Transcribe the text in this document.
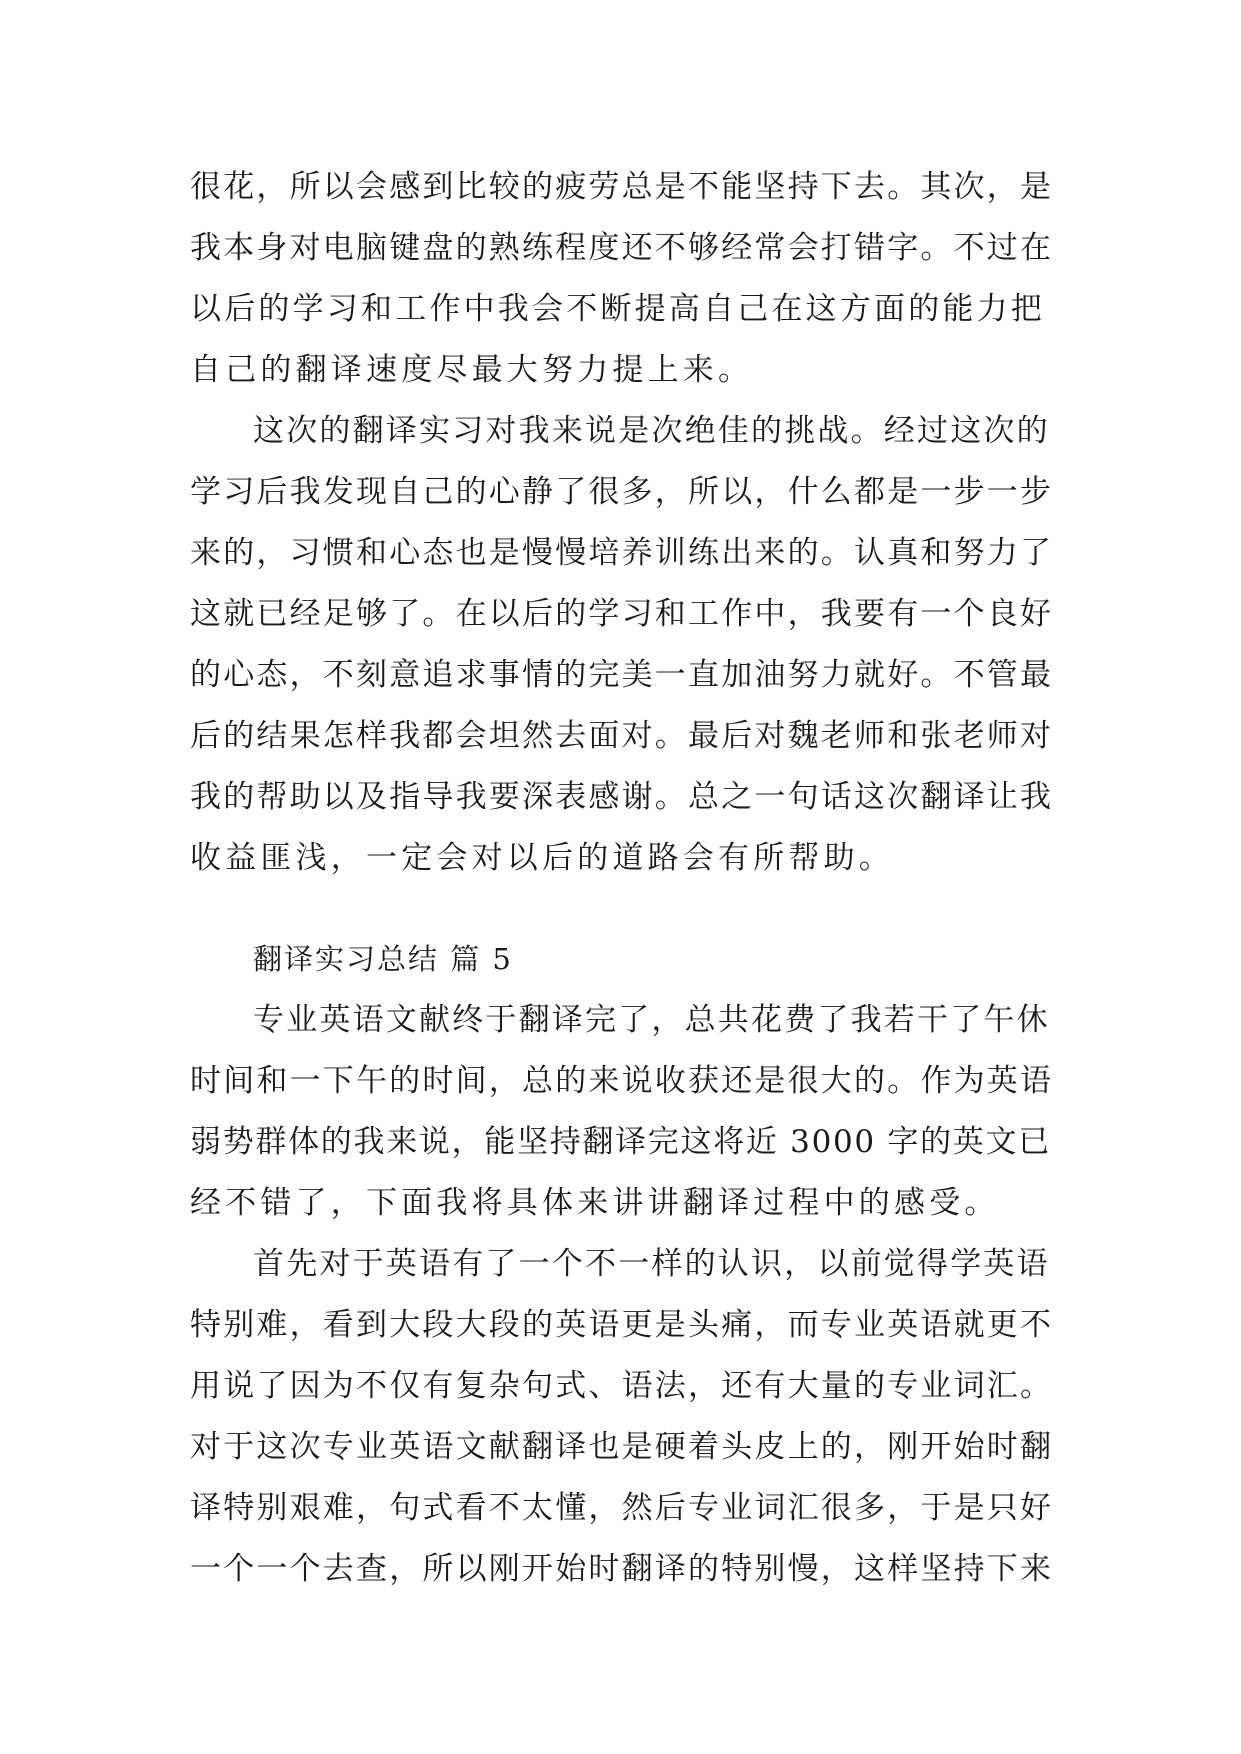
很花，所以会感到比较的疲劳总是不能坚持下去。其次，是
我本身对电脑键盘的熟练程度还不够经常会打错字。不过在
以后的学习和工作中我会不断提高自己在这方面的能力把
自己的翻译速度尽最大努力提上来。
这次的翻译实习对我来说是次绝佳的挑战。经过这次的
学习后我发现自己的心静了很多，所以，什么都是一步一步
来的，习惯和心态也是慢慢培养训练出来的。认真和努力了
这就已经足够了。在以后的学习和工作中，我要有一个良好
的心态，不刻意追求事情的完美一直加油努力就好。不管最
后的结果怎样我都会坦然去面对。最后对魏老师和张老师对
我的帮助以及指导我要深表感谢。总之一句话这次翻译让我
收益匪浅，一定会对以后的道路会有所帮助。
翻译实习总结 篇 5
专业英语文献终于翻译完了，总共花费了我若干了午休
时间和一下午的时间，总的来说收获还是很大的。作为英语
弱势群体的我来说，能坚持翻译完这将近 3000 字的英文已
经不错了，下面我将具体来讲讲翻译过程中的感受。
首先对于英语有了一个不一样的认识，以前觉得学英语
特别难，看到大段大段的英语更是头痛，而专业英语就更不
用说了因为不仅有复杂句式、语法，还有大量的专业词汇。
对于这次专业英语文献翻译也是硬着头皮上的，刚开始时翻
译特别艰难，句式看不太懂，然后专业词汇很多，于是只好
一个一个去查，所以刚开始时翻译的特别慢，这样坚持下来
